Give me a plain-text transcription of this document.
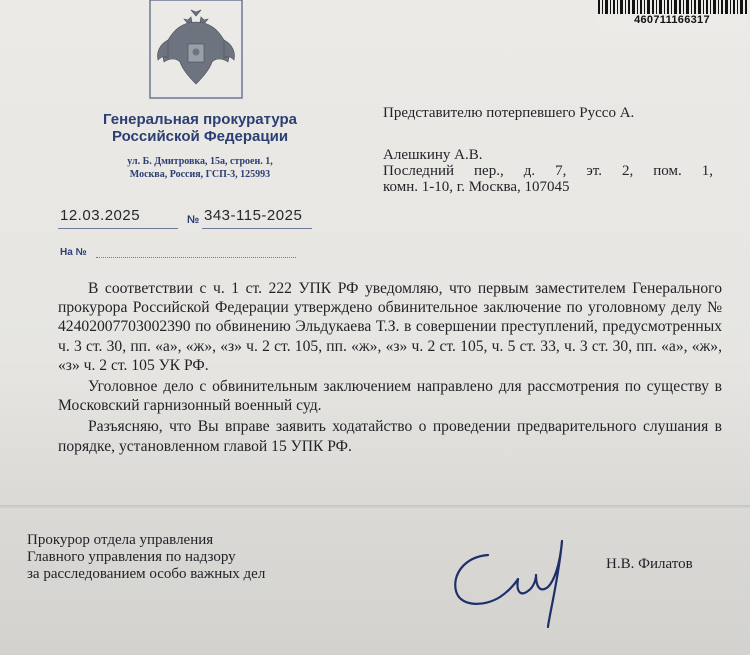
460711166317
Генеральная прокуратура
Российской Федерации
ул. Б. Дмитровка, 15а, строен. 1,
Москва, Россия, ГСП-3, 125993
12.03.2025	№ 343-115-2025
На №
Представителю потерпевшего Руссо А.
Алешкину А.В.
Последний пер., д. 7, эт. 2, пом. 1,
комн. 1-10, г. Москва, 107045

В соответствии с ч. 1 ст. 222 УПК РФ уведомляю, что первым заместителем Генерального прокурора Российской Федерации утверждено обвинительное заключение по уголовному делу № 42402007703002390 по обвинению Эльдукаева Т.З. в совершении преступлений, предусмотренных ч. 3 ст. 30, пп. «а», «ж», «з» ч. 2 ст. 105, пп. «ж», «з» ч. 2 ст. 105, ч. 5 ст. 33, ч. 3 ст. 30, пп. «а», «ж», «з» ч. 2 ст. 105 УК РФ.

Уголовное дело с обвинительным заключением направлено для рассмотрения по существу в Московский гарнизонный военный суд.

Разъясняю, что Вы вправе заявить ходатайство о проведении предварительного слушания в порядке, установленном главой 15 УПК РФ.

Прокурор отдела управления
Главного управления по надзору
за расследованием особо важных дел
Н.В. Филатов
